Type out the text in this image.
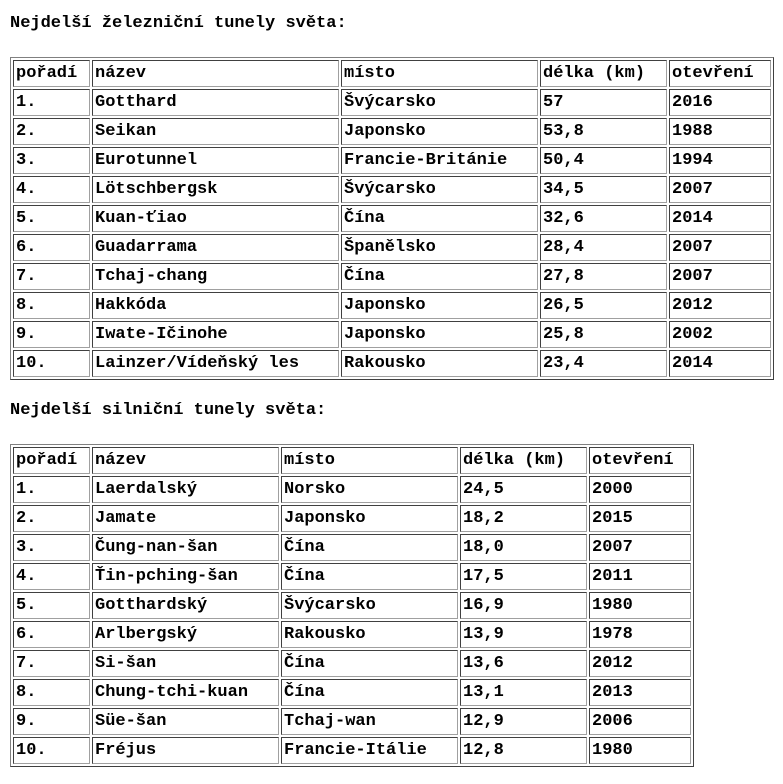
Nejdelší železniční tunely světa:
pořadí	název	místo	délka (km)	otevření
1.	Gotthard	Švýcarsko	57	2016
2.	Seikan	Japonsko	53,8	1988
3.	Eurotunnel	Francie-Británie	50,4	1994
4.	Lötschbergsk	Švýcarsko	34,5	2007
5.	Kuan-ťiao	Čína	32,6	2014
6.	Guadarrama	Španělsko	28,4	2007
7.	Tchaj-chang	Čína	27,8	2007
8.	Hakkóda	Japonsko	26,5	2012
9.	Iwate-Ičinohe	Japonsko	25,8	2002
10.	Lainzer/Vídeňský les	Rakousko	23,4	2014
Nejdelší silniční tunely světa:
pořadí	název	místo	délka (km)	otevření
1.	Laerdalský	Norsko	24,5	2000
2.	Jamate	Japonsko	18,2	2015
3.	Čung-nan-šan	Čína	18,0	2007
4.	Ťin-pching-šan	Čína	17,5	2011
5.	Gotthardský	Švýcarsko	16,9	1980
6.	Arlbergský	Rakousko	13,9	1978
7.	Si-šan	Čína	13,6	2012
8.	Chung-tchi-kuan	Čína	13,1	2013
9.	Süe-šan	Tchaj-wan	12,9	2006
10.	Fréjus	Francie-Itálie	12,8	1980
